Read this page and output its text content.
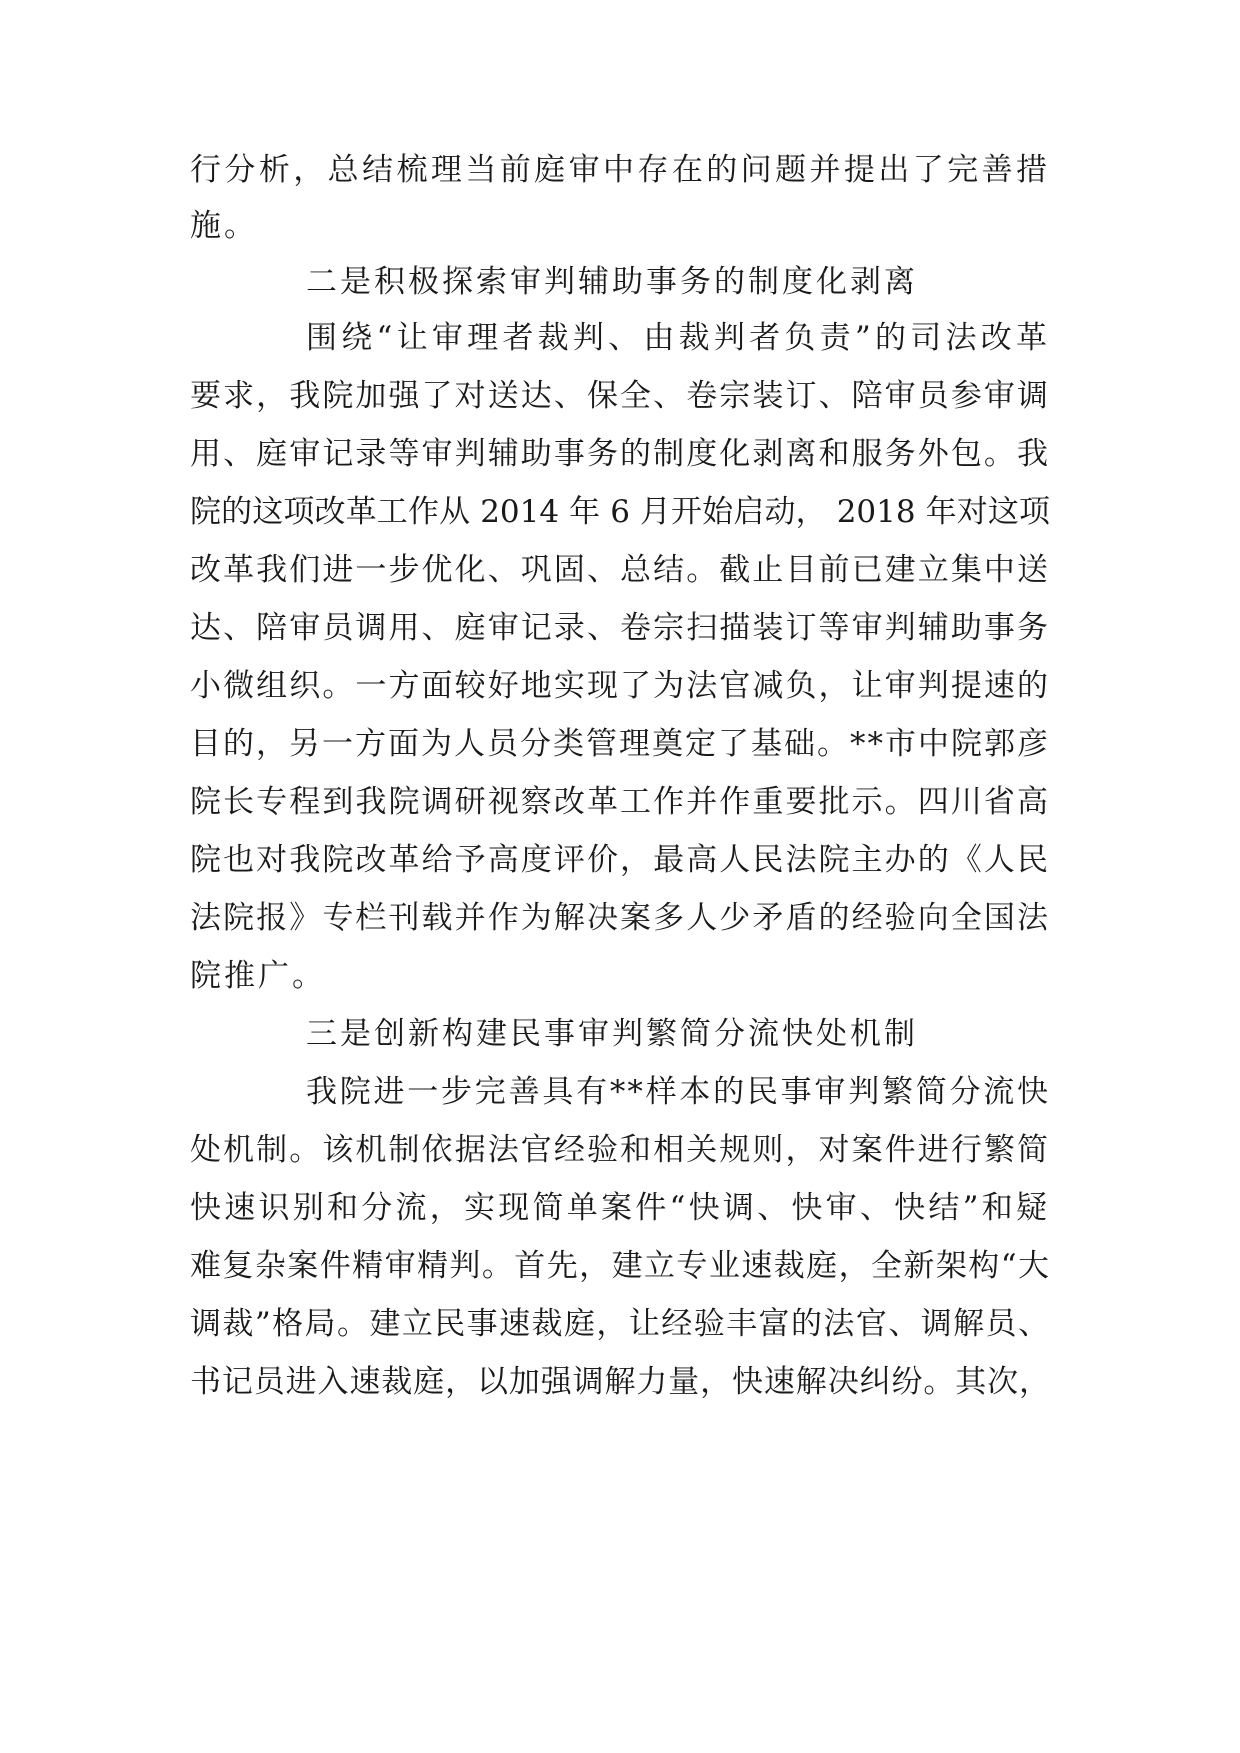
行分析，总结梳理当前庭审中存在的问题并提出了完善措
施。
二是积极探索审判辅助事务的制度化剥离
围绕“让审理者裁判、由裁判者负责”的司法改革
要求，我院加强了对送达、保全、卷宗装订、陪审员参审调
用、庭审记录等审判辅助事务的制度化剥离和服务外包。我
院的这项改革工作从 2014 年 6 月开始启动， 2018 年对这项
改革我们进一步优化、巩固、总结。截止目前已建立集中送
达、陪审员调用、庭审记录、卷宗扫描装订等审判辅助事务
小微组织。一方面较好地实现了为法官减负，让审判提速的
目的，另一方面为人员分类管理奠定了基础。**市中院郭彦
院长专程到我院调研视察改革工作并作重要批示。四川省高
院也对我院改革给予高度评价，最高人民法院主办的《人民
法院报》专栏刊载并作为解决案多人少矛盾的经验向全国法
院推广。
三是创新构建民事审判繁简分流快处机制
我院进一步完善具有**样本的民事审判繁简分流快
处机制。该机制依据法官经验和相关规则，对案件进行繁简
快速识别和分流，实现简单案件“快调、快审、快结”和疑
难复杂案件精审精判。首先，建立专业速裁庭，全新架构“大
调裁”格局。建立民事速裁庭，让经验丰富的法官、调解员、
书记员进入速裁庭，以加强调解力量，快速解决纠纷。其次，
